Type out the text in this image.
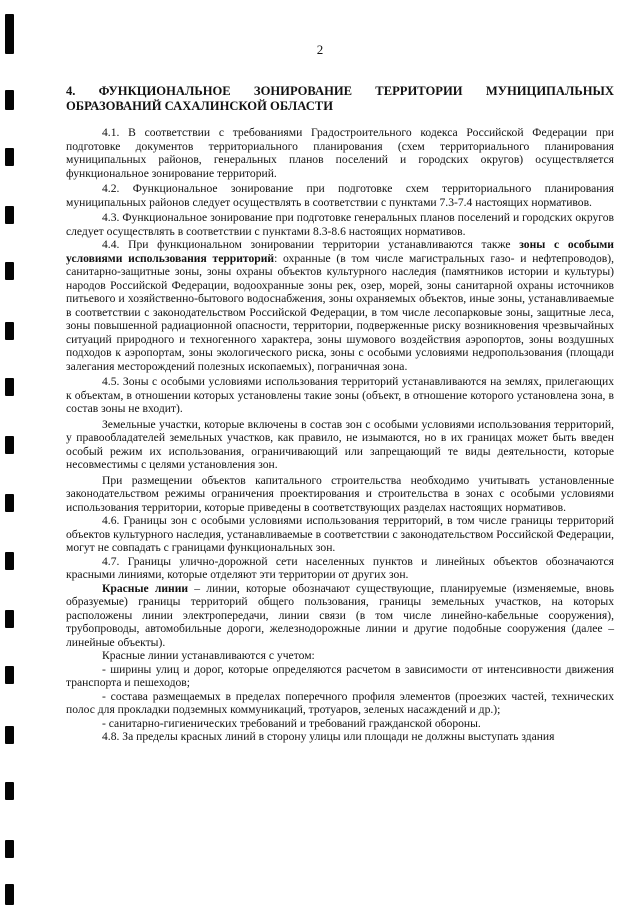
2
4. ФУНКЦИОНАЛЬНОЕ ЗОНИРОВАНИЕ ТЕРРИТОРИИ МУНИЦИПАЛЬНЫХ ОБРАЗОВАНИЙ САХАЛИНСКОЙ ОБЛАСТИ

4.1. В соответствии с требованиями Градостроительного кодекса Российской Федерации при подготовке документов территориального планирования (схем территориального планирования муниципальных районов, генеральных планов поселений и городских округов) осуществляется функциональное зонирование территорий.

4.2. Функциональное зонирование при подготовке схем территориального планирования муниципальных районов следует осуществлять в соответствии с пунктами 7.3-7.4 настоящих нормативов.

4.3. Функциональное зонирование при подготовке генеральных планов поселений и городских округов следует осуществлять в соответствии с пунктами 8.3-8.6 настоящих нормативов.

4.4. При функциональном зонировании территории устанавливаются также зоны с особыми условиями использования территорий: охранные (в том числе магистральных газо- и нефтепроводов), санитарно-защитные зоны, зоны охраны объектов культурного наследия (памятников истории и культуры) народов Российской Федерации, водоохранные зоны рек, озер, морей, зоны санитарной охраны источников питьевого и хозяйственно-бытового водоснабжения, зоны охраняемых объектов, иные зоны, устанавливаемые в соответствии с законодательством Российской Федерации, в том числе лесопарковые зоны, защитные леса, зоны повышенной радиационной опасности, территории, подверженные риску возникновения чрезвычайных ситуаций природного и техногенного характера, зоны шумового воздействия аэропортов, зоны воздушных подходов к аэропортам, зоны экологического риска, зоны с особыми условиями недропользования (площади залегания месторождений полезных ископаемых), пограничная зона.

4.5. Зоны с особыми условиями использования территорий устанавливаются на землях, прилегающих к объектам, в отношении которых установлены такие зоны (объект, в отношение которого установлена зона, в состав зоны не входит).

Земельные участки, которые включены в состав зон с особыми условиями использования территорий, у правообладателей земельных участков, как правило, не изымаются, но в их границах может быть введен особый режим их использования, ограничивающий или запрещающий те виды деятельности, которые несовместимы с целями установления зон.

При размещении объектов капитального строительства необходимо учитывать установленные законодательством режимы ограничения проектирования и строительства в зонах с особыми условиями использования территории, которые приведены в соответствующих разделах настоящих нормативов.

4.6. Границы зон с особыми условиями использования территорий, в том числе границы территорий объектов культурного наследия, устанавливаемые в соответствии с законодательством Российской Федерации, могут не совпадать с границами функциональных зон.

4.7. Границы улично-дорожной сети населенных пунктов и линейных объектов обозначаются красными линиями, которые отделяют эти территории от других зон.

Красные линии – линии, которые обозначают существующие, планируемые (изменяемые, вновь образуемые) границы территорий общего пользования, границы земельных участков, на которых расположены линии электропередачи, линии связи (в том числе линейно-кабельные сооружения), трубопроводы, автомобильные дороги, железнодорожные линии и другие подобные сооружения (далее – линейные объекты).

Красные линии устанавливаются с учетом:

- ширины улиц и дорог, которые определяются расчетом в зависимости от интенсивности движения транспорта и пешеходов;

- состава размещаемых в пределах поперечного профиля элементов (проезжих частей, технических полос для прокладки подземных коммуникаций, тротуаров, зеленых насаждений и др.);

- санитарно-гигиенических требований и требований гражданской обороны.

4.8. За пределы красных линий в сторону улицы или площади не должны выступать здания
